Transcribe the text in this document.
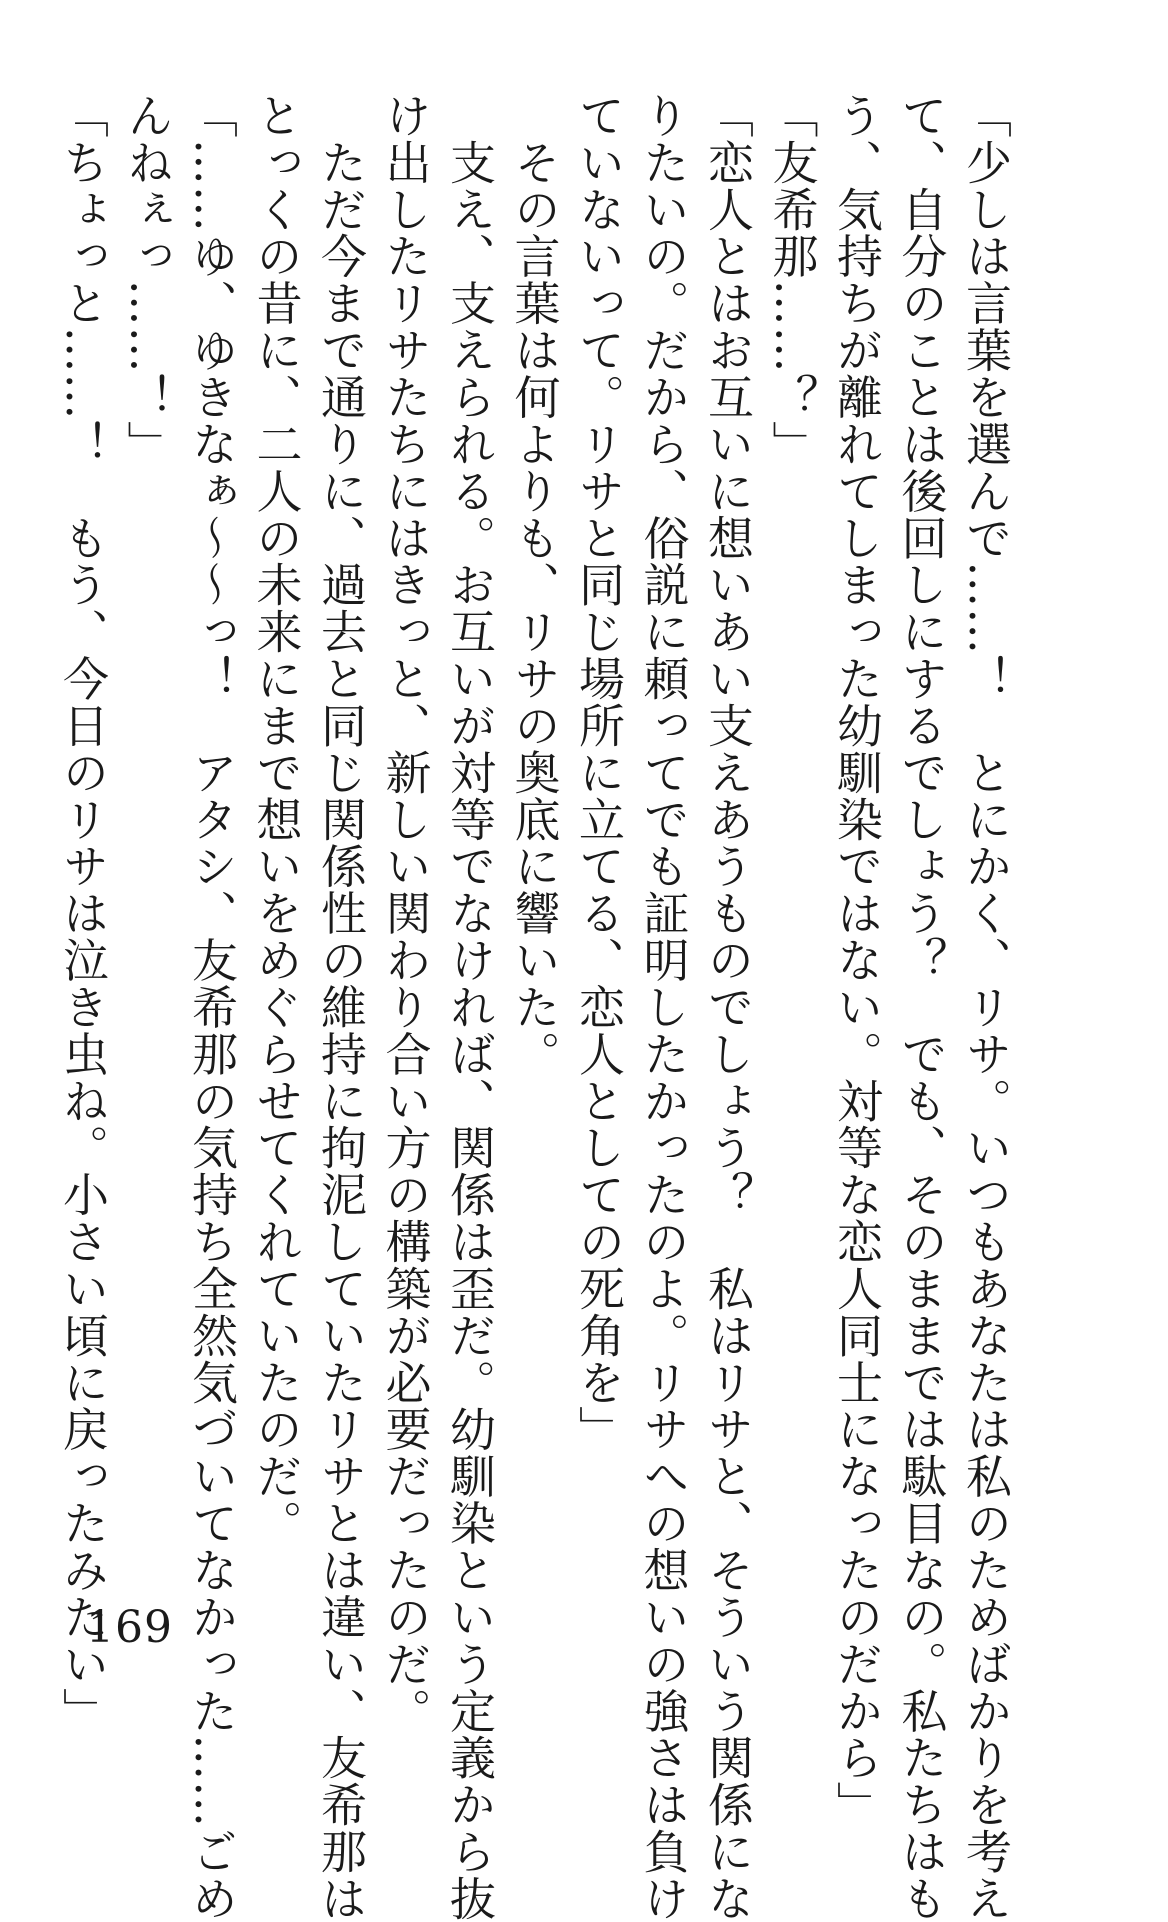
「少しは言葉を選んで……！　とにかく、リサ。いつもあなたは私のためばかりを考え
て、自分のことは後回しにするでしょう？　でも、そのままでは駄目なの。私たちはも
う、気持ちが離れてしまった幼馴染ではない。対等な恋人同士になったのだから」
「友希那……？」
「恋人とはお互いに想いあい支えあうものでしょう？　私はリサと、そういう関係にな
りたいの。だから、俗説に頼ってでも証明したかったのよ。リサへの想いの強さは負け
ていないって。リサと同じ場所に立てる、恋人としての死角を」
　その言葉は何よりも、リサの奥底に響いた。
　支え、支えられる。お互いが対等でなければ、関係は歪だ。幼馴染という定義から抜
け出したリサたちにはきっと、新しい関わり合い方の構築が必要だったのだ。
　ただ今まで通りに、過去と同じ関係性の維持に拘泥していたリサとは違い、友希那は
とっくの昔に、二人の未来にまで想いをめぐらせてくれていたのだ。
「……ゆ、ゆきなぁ〜〜っ！　アタシ、友希那の気持ち全然気づいてなかった……ごめ
んねぇっ……！」
「ちょっと……！　もう、今日のリサは泣き虫ね。小さい頃に戻ったみたい」
169
